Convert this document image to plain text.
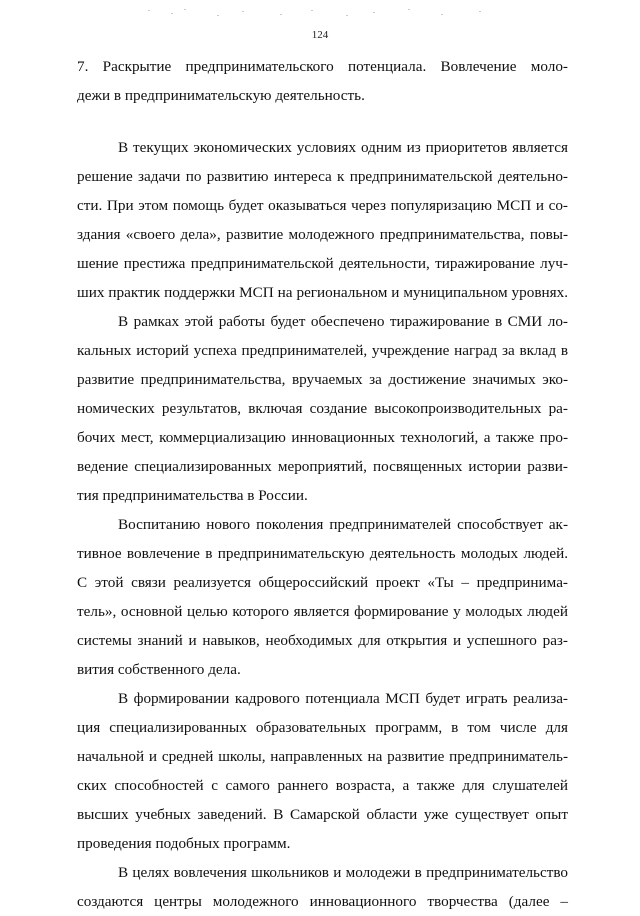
124
7. Раскрытие предпринимательского потенциала. Вовлечение моло-
дежи в предпринимательскую деятельность.
В текущих экономических условиях одним из приоритетов является
решение задачи по развитию интереса к предпринимательской деятельно-
сти. При этом помощь будет оказываться через популяризацию МСП и со-
здания «своего дела», развитие молодежного предпринимательства, повы-
шение престижа предпринимательской деятельности, тиражирование луч-
ших практик поддержки МСП на региональном и муниципальном уровнях.
В рамках этой работы будет обеспечено тиражирование в СМИ ло-
кальных историй успеха предпринимателей, учреждение наград за вклад в
развитие предпринимательства, вручаемых за достижение значимых эко-
номических результатов, включая создание высокопроизводительных ра-
бочих мест, коммерциализацию инновационных технологий, а также про-
ведение специализированных мероприятий, посвященных истории разви-
тия предпринимательства в России.
Воспитанию нового поколения предпринимателей способствует ак-
тивное вовлечение в предпринимательскую деятельность молодых людей.
С этой связи реализуется общероссийский проект «Ты – предпринима-
тель», основной целью которого является формирование у молодых людей
системы знаний и навыков, необходимых для открытия и успешного раз-
вития собственного дела.
В формировании кадрового потенциала МСП будет играть реализа-
ция специализированных образовательных программ, в том числе для
начальной и средней школы, направленных на развитие предприниматель-
ских способностей с самого раннего возраста, а также для слушателей
высших учебных заведений. В Самарской области уже существует опыт
проведения подобных программ.
В целях вовлечения школьников и молодежи в предпринимательство
создаются центры молодежного инновационного творчества (далее –
